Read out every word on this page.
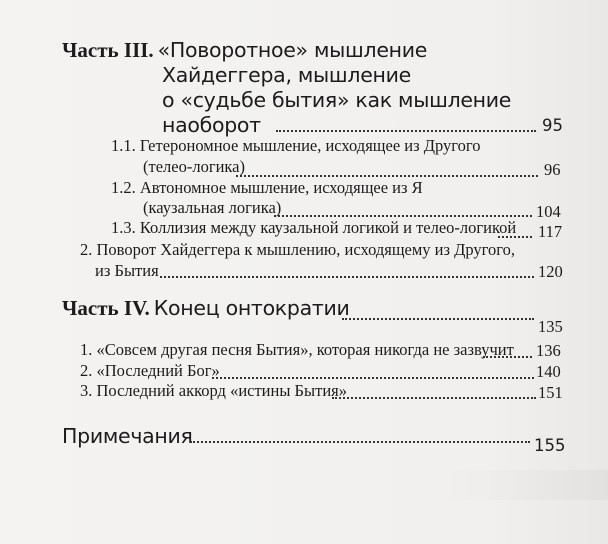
Часть III. «Поворотное» мышление
Хайдеггера, мышление
о «судьбе бытия» как мышление
наоборот	95
1.1. Гетерономное мышление, исходящее из Другого
(телео-логика)	96
1.2. Автономное мышление, исходящее из Я
(каузальная логика)	104
1.3. Коллизия между каузальной логикой и телео-логикой 117
2. Поворот Хайдеггера к мышлению, исходящему из Другого,
из Бытия	120
Часть IV. Конец онтократии
135
1. «Совсем другая песня Бытия», которая никогда не зазвучит 136
2. «Последний Бог»	140
3. Последний аккорд «истины Бытия»	151
Примечания	155
